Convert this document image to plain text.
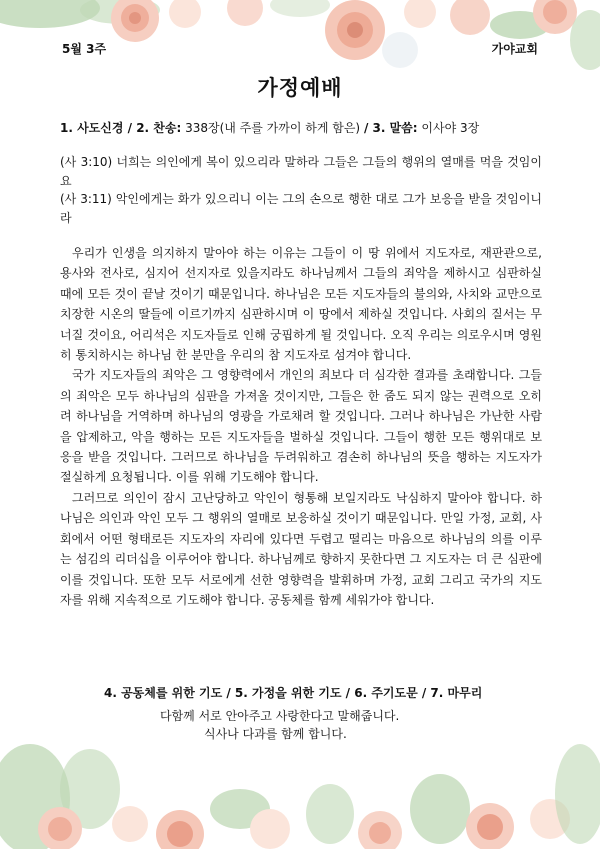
5월 3주	가야교회
가정예배
1. 사도신경 / 2. 찬송: 338장(내 주를 가까이 하게 함은) / 3. 말씀: 이사야 3장

(사 3:10) 너희는 의인에게 복이 있으리라 말하라 그들은 그들의 행위의 열매를 먹을 것임이요

(사 3:11) 악인에게는 화가 있으리니 이는 그의 손으로 행한 대로 그가 보응을 받을 것임이니라

우리가 인생을 의지하지 말아야 하는 이유는 그들이 이 땅 위에서 지도자로, 재판관으로, 용사와 전사로, 심지어 선지자로 있을지라도 하나님께서 그들의 죄악을 제하시고 심판하실 때에 모든 것이 끝날 것이기 때문입니다. 하나님은 모든 지도자들의 불의와, 사치와 교만으로 치장한 시온의 딸들에 이르기까지 심판하시며 이 땅에서 제하실 것입니다. 사회의 질서는 무너질 것이요, 어리석은 지도자들로 인해 궁핍하게 될 것입니다. 오직 우리는 의로우시며 영원히 통치하시는 하나님 한 분만을 우리의 참 지도자로 섬겨야 합니다.

국가 지도자들의 죄악은 그 영향력에서 개인의 죄보다 더 심각한 결과를 초래합니다. 그들의 죄악은 모두 하나님의 심판을 가져올 것이지만, 그들은 한 줌도 되지 않는 권력으로 오히려 하나님을 거역하며 하나님의 영광을 가로채려 할 것입니다. 그러나 하나님은 가난한 사람을 압제하고, 악을 행하는 모든 지도자들을 벌하실 것입니다. 그들이 행한 모든 행위대로 보응을 받을 것입니다. 그러므로 하나님을 두려워하고 겸손히 하나님의 뜻을 행하는 지도자가 절실하게 요청됩니다. 이를 위해 기도해야 합니다.

그러므로 의인이 잠시 고난당하고 악인이 형통해 보일지라도 낙심하지 말아야 합니다. 하나님은 의인과 악인 모두 그 행위의 열매로 보응하실 것이기 때문입니다. 만일 가정, 교회, 사회에서 어떤 형태로든 지도자의 자리에 있다면 두렵고 떨리는 마음으로 하나님의 의를 이루는 섬김의 리더십을 이루어야 합니다. 하나님께로 향하지 못한다면 그 지도자는 더 큰 심판에 이를 것입니다. 또한 모두 서로에게 선한 영향력을 발휘하며 가정, 교회 그리고 국가의 지도자를 위해 지속적으로 기도해야 합니다. 공동체를 함께 세워가야 합니다.

4. 공동체를 위한 기도 / 5. 가정을 위한 기도 / 6. 주기도문 / 7. 마무리
다함께 서로 안아주고 사랑한다고 말해줍니다.
식사나 다과를 함께 합니다.
